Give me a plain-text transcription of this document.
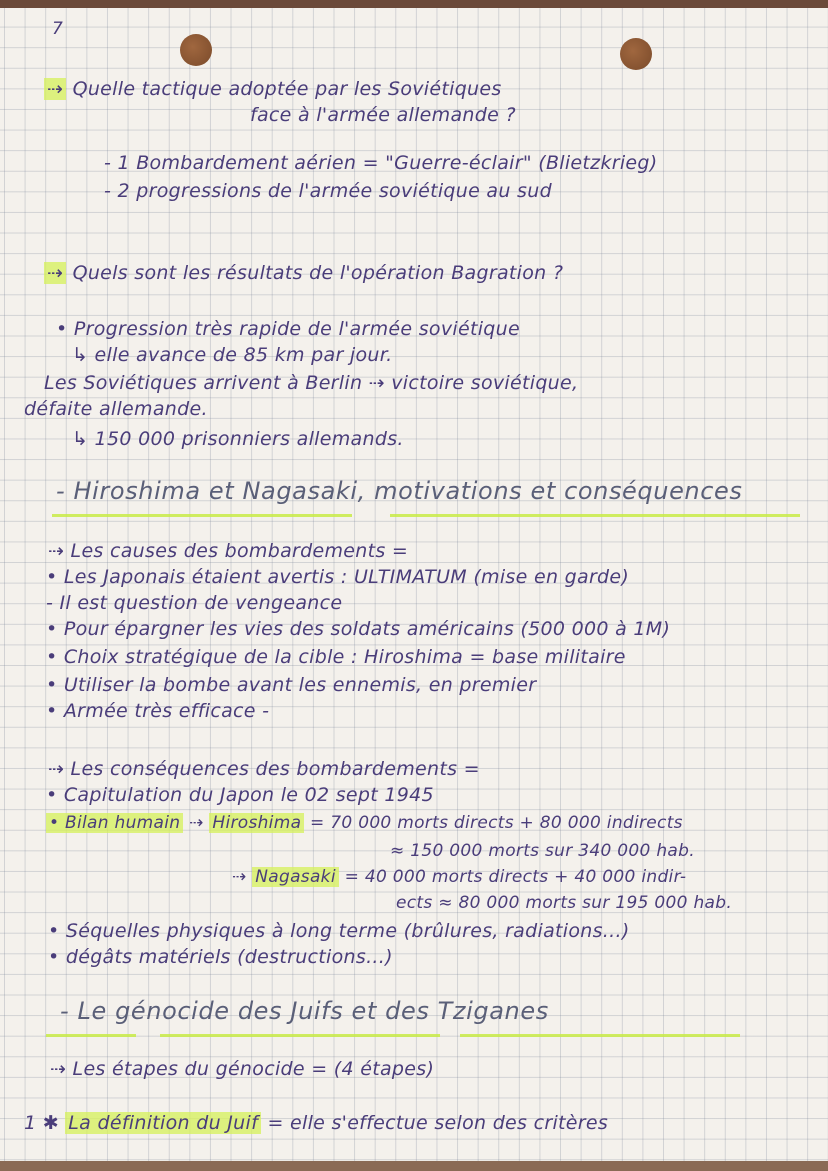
7
⇢ Quelle tactique adoptée par les Soviétiques
face à l'armée allemande ?
- 1 Bombardement aérien = "Guerre-éclair" (Blietzkrieg)
- 2 progressions de l'armée soviétique au sud
⇢ Quels sont les résultats de l'opération Bagration ?
• Progression très rapide de l'armée soviétique
↳ elle avance de 85 km par jour.
Les Soviétiques arrivent à Berlin ⇢ victoire soviétique,
défaite allemande.
↳ 150 000 prisonniers allemands.
- Hiroshima et Nagasaki, motivations et conséquences
⇢ Les causes des bombardements =
• Les Japonais étaient avertis : ULTIMATUM (mise en garde)
- Il est question de vengeance
• Pour épargner les vies des soldats américains (500 000 à 1M)
• Choix stratégique de la cible : Hiroshima = base militaire
• Utiliser la bombe avant les ennemis, en premier
• Armée très efficace -
⇢ Les conséquences des bombardements =
• Capitulation du Japon le 02 sept 1945
• Bilan humain ⇢ Hiroshima = 70 000 morts directs + 80 000 indirects
≈ 150 000 morts sur 340 000 hab.
⇢ Nagasaki = 40 000 morts directs + 40 000 indir-
ects ≈ 80 000 morts sur 195 000 hab.
• Séquelles physiques à long terme (brûlures, radiations...)
• dégâts matériels (destructions...)
- Le génocide des Juifs et des Tziganes
⇢ Les étapes du génocide = (4 étapes)
1 ✱ La définition du Juif = elle s'effectue selon des critères
